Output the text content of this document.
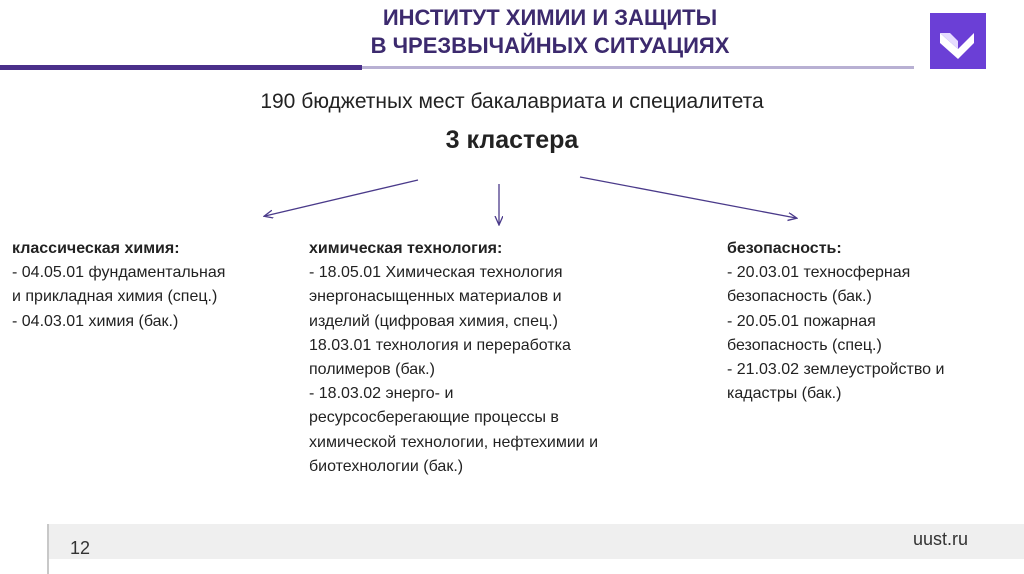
ИНСТИТУТ ХИМИИ И ЗАЩИТЫ
В ЧРЕЗВЫЧАЙНЫХ СИТУАЦИЯХ
190 бюджетных мест бакалавриата и специалитета
3 кластера
классическая химия:
- 04.05.01 фундаментальная
и прикладная химия (спец.)
- 04.03.01 химия (бак.)
химическая технология:
- 18.05.01 Химическая технология
энергонасыщенных материалов и
изделий (цифровая химия, спец.)
18.03.01 технология и переработка
полимеров (бак.)
- 18.03.02 энерго- и
ресурсосберегающие процессы в
химической технологии, нефтехимии и
биотехнологии (бак.)
безопасность:
- 20.03.01 техносферная
безопасность (бак.)
- 20.05.01 пожарная
безопасность (спец.)
- 21.03.02 землеустройство и
кадастры (бак.)
12	uust.ru
